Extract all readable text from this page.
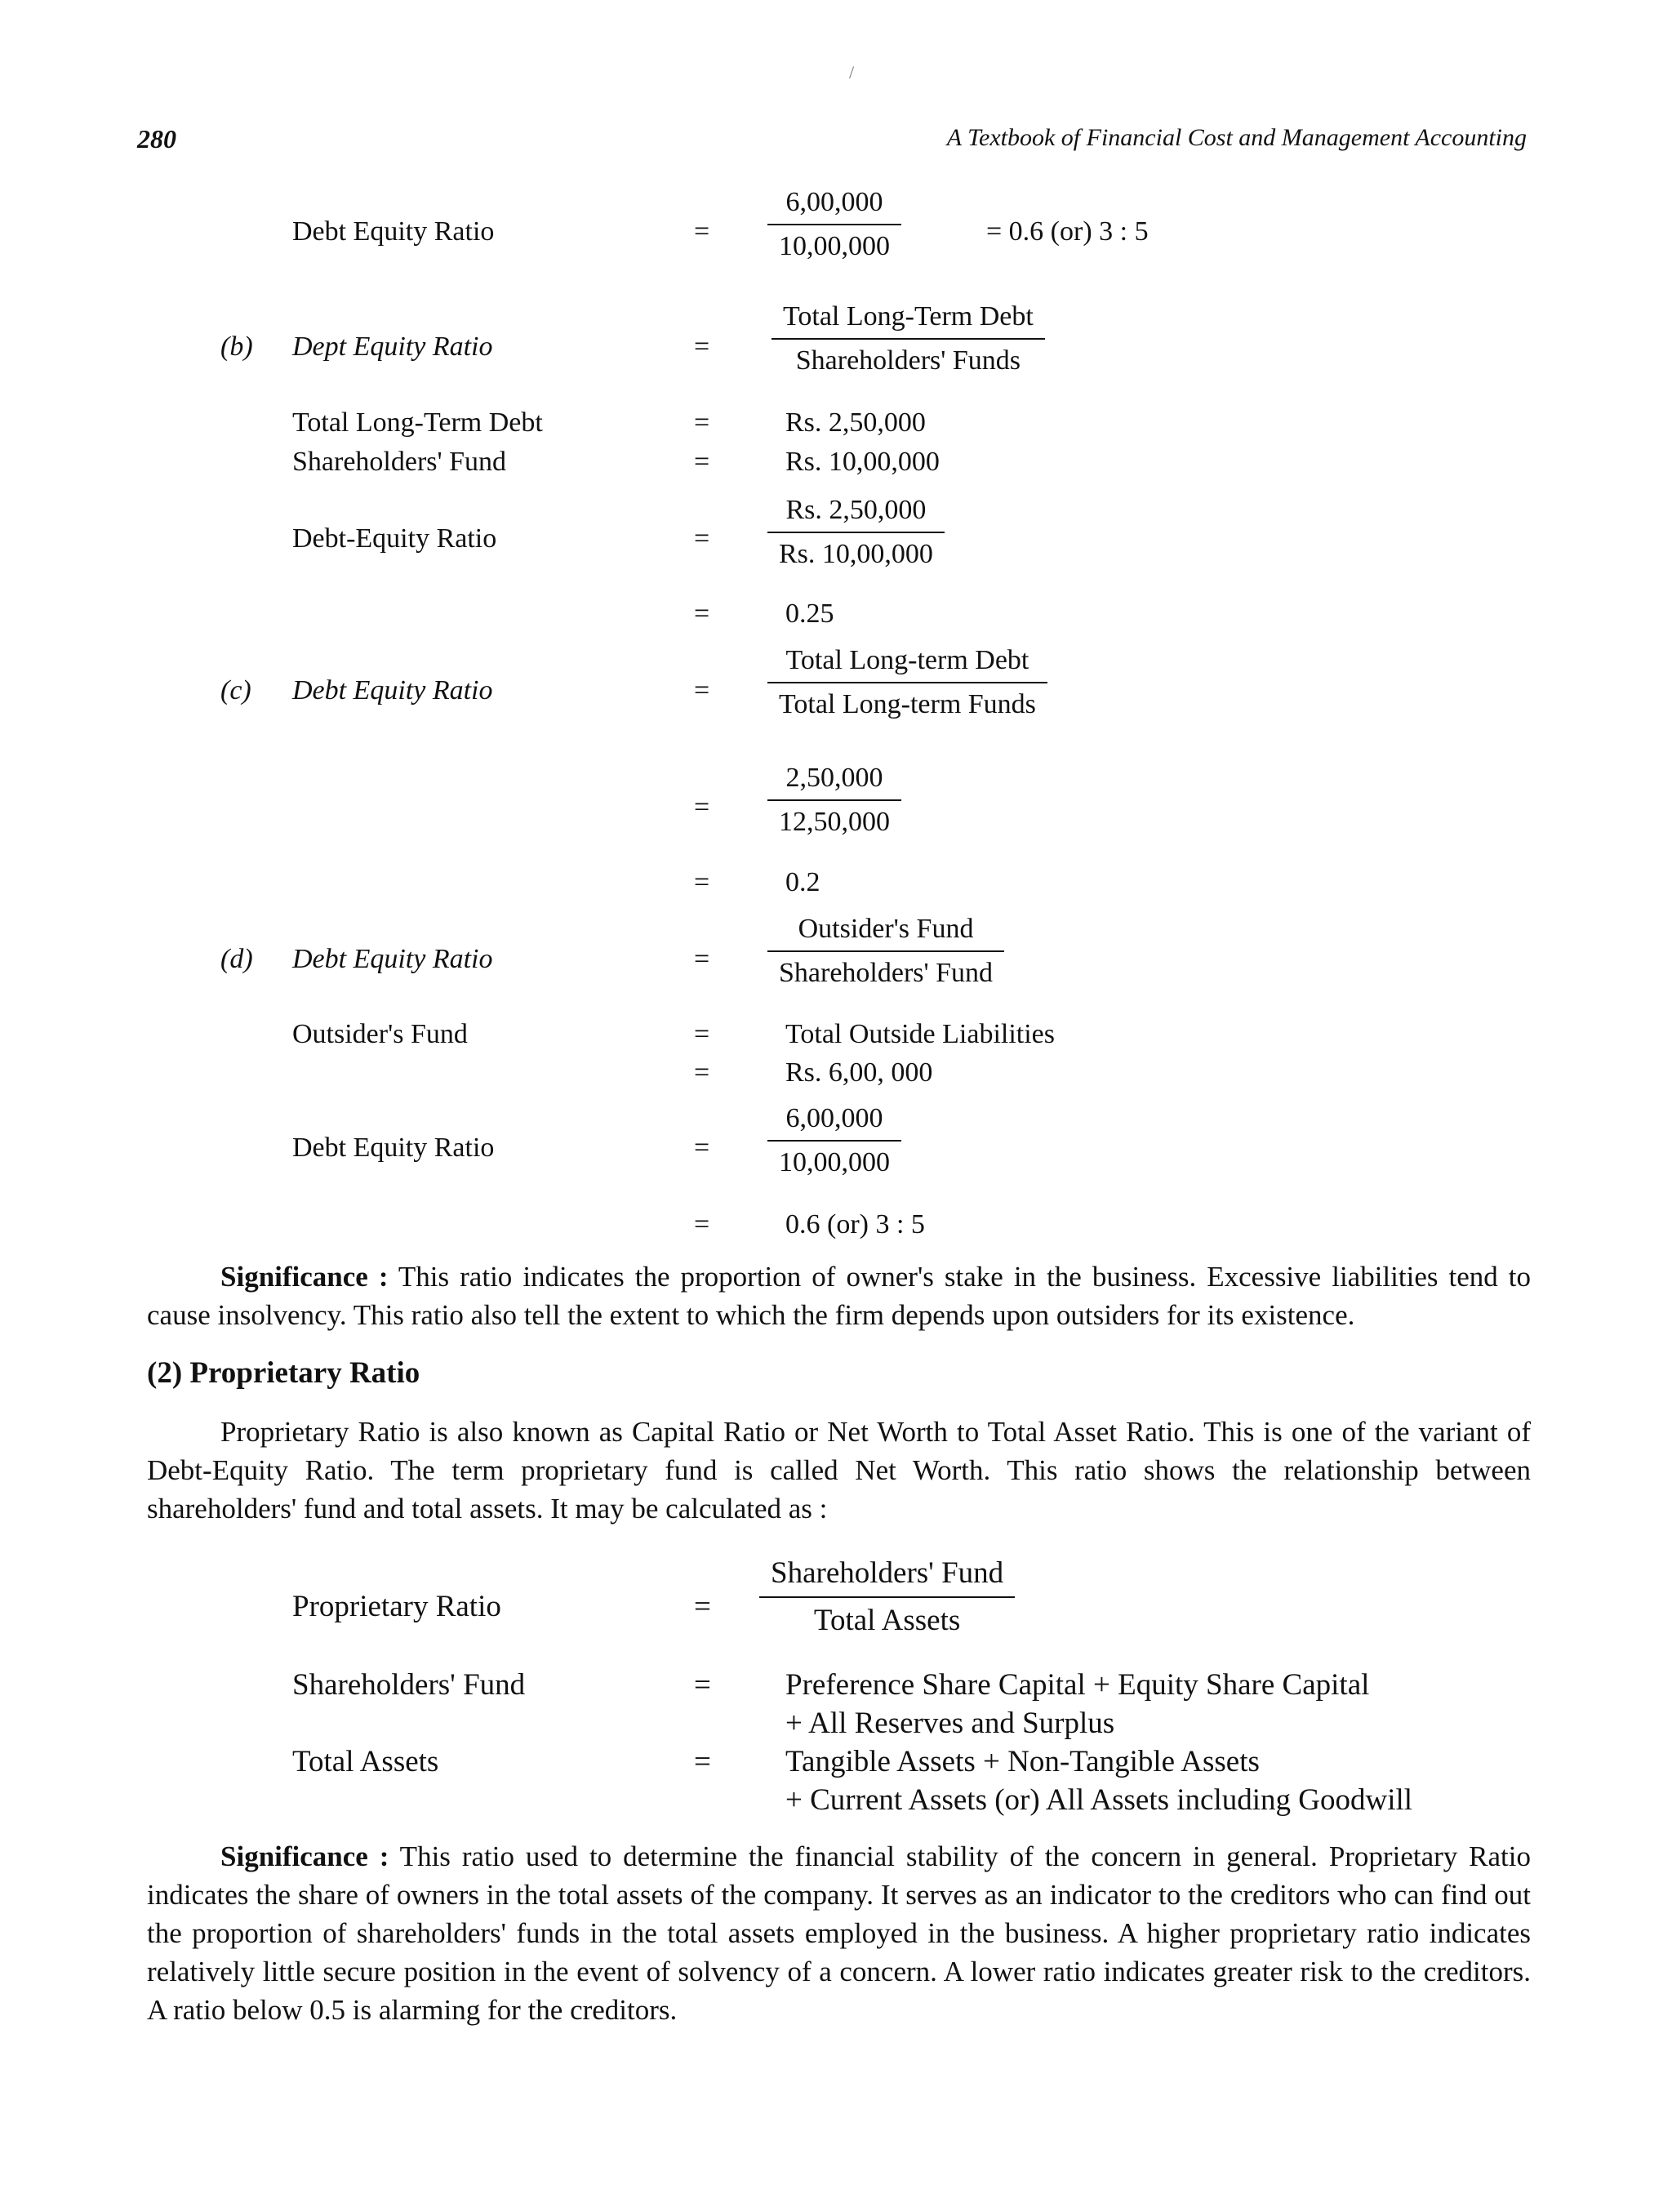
/
280	A Textbook of Financial Cost and Management Accounting
Debt Equity Ratio	=
6,00,000
10,00,000	= 0.6 (or) 3 : 5
(b) Dept Equity Ratio	=
Total Long-Term Debt
Shareholders' Funds
Total Long-Term Debt	=	Rs. 2,50,000
Shareholders' Fund	=	Rs. 10,00,000
Debt-Equity Ratio	=
Rs. 2,50,000
Rs. 10,00,000
=	0.25
(c) Debt Equity Ratio	=
Total Long-term Debt
Total Long-term Funds
=
2,50,000
12,50,000
=	0.2
(d) Debt Equity Ratio	=
Outsider's Fund
Shareholders' Fund
Outsider's Fund	=	Total Outside Liabilities
=	Rs. 6,00, 000
Debt Equity Ratio	=
6,00,000
10,00,000
=	0.6 (or) 3 : 5
Significance : This ratio indicates the proportion of owner's stake in the business. Excessive liabilities tend to cause insolvency. This ratio also tell the extent to which the firm depends upon outsiders for its existence.
(2) Proprietary Ratio
Proprietary Ratio is also known as Capital Ratio or Net Worth to Total Asset Ratio. This is one of the variant of Debt-Equity Ratio. The term proprietary fund is called Net Worth. This ratio shows the relationship between shareholders' fund and total assets. It may be calculated as :
Proprietary Ratio	=
Shareholders' Fund
Total Assets
Shareholders' Fund	= Preference Share Capital + Equity Share Capital
+ All Reserves and Surplus
Total Assets	= Tangible Assets + Non-Tangible Assets
+ Current Assets (or) All Assets including Goodwill
Significance : This ratio used to determine the financial stability of the concern in general. Proprietary Ratio indicates the share of owners in the total assets of the company. It serves as an indicator to the creditors who can find out the proportion of shareholders' funds in the total assets employed in the business. A higher proprietary ratio indicates relatively little secure position in the event of solvency of a concern. A lower ratio indicates greater risk to the creditors. A ratio below 0.5 is alarming for the creditors.
